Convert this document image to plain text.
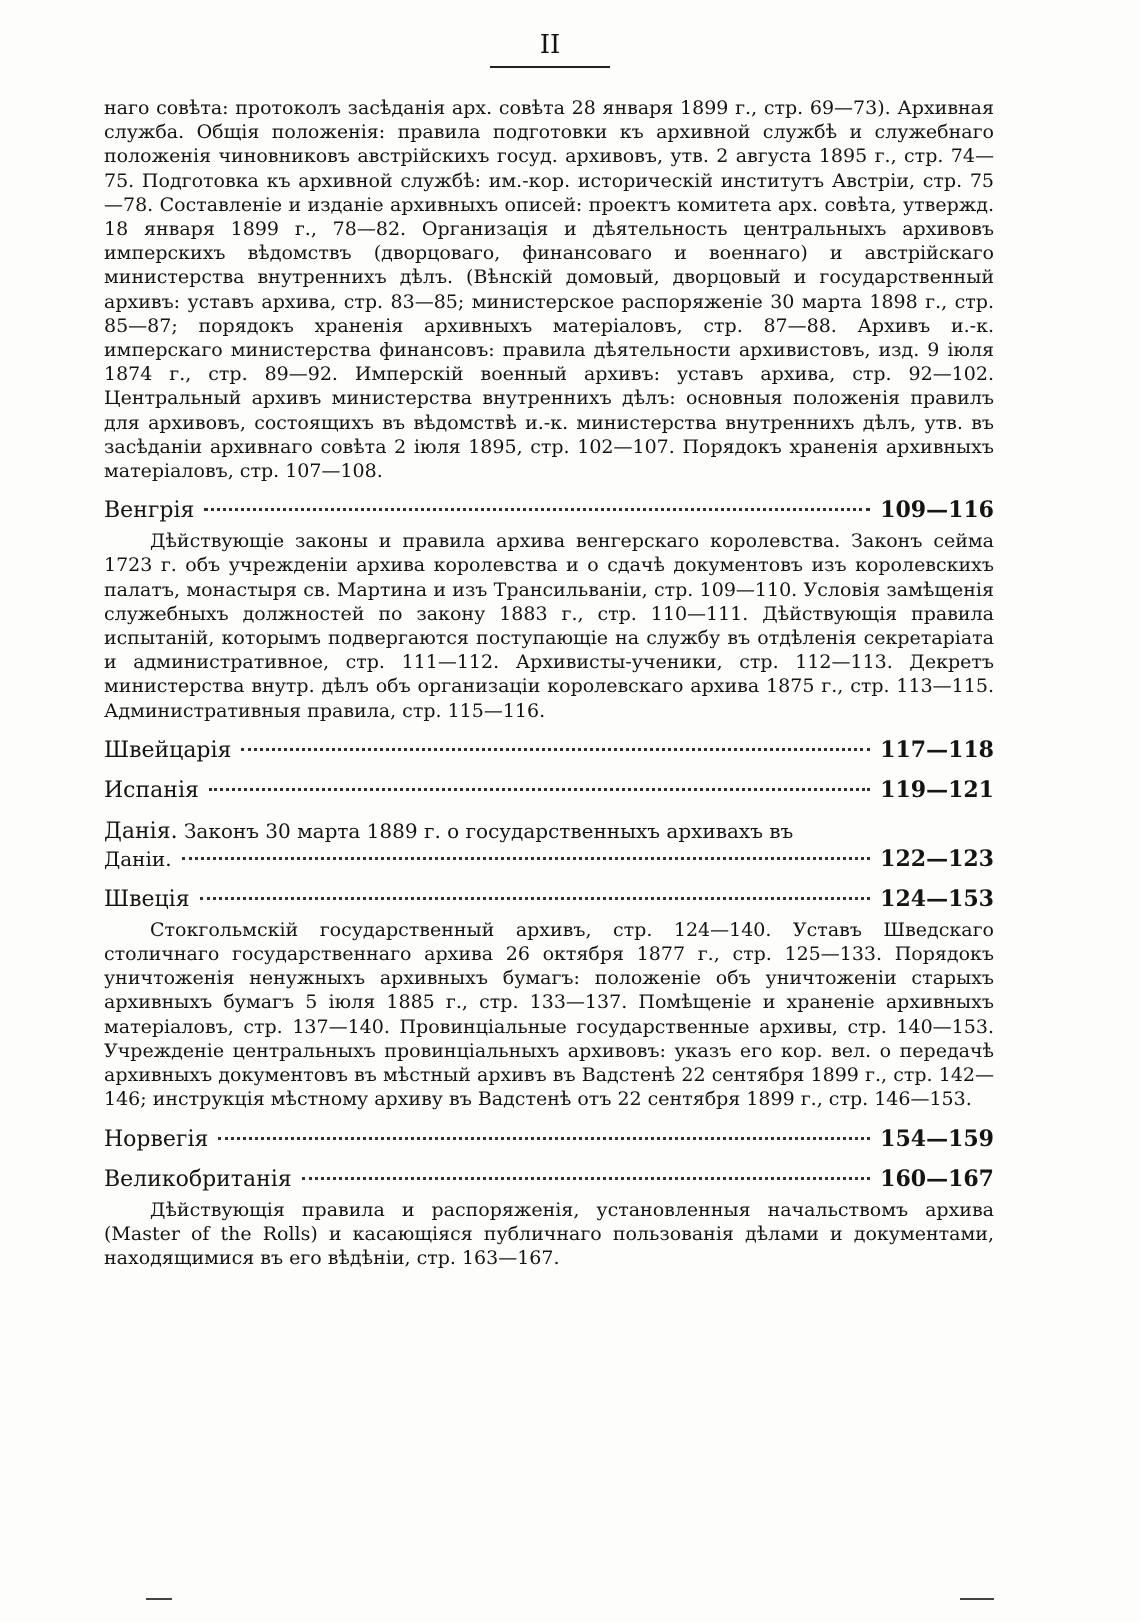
II

наго совѣта: протоколъ засѣданія арх. совѣта 28 января 1899 г., стр. 69—73). Архивная служба. Общія положенія: правила подготовки къ архивной службѣ и служебнаго положенія чиновниковъ австрійскихъ госуд. архивовъ, утв. 2 августа 1895 г., стр. 74—75. Подготовка къ архивной службѣ: им.-кор. историческій институтъ Австріи, стр. 75—78. Составленіе и изданіе архивныхъ описей: проектъ комитета арх. совѣта, утвержд. 18 января 1899 г., 78—82. Организація и дѣятельность центральныхъ архивовъ имперскихъ вѣдомствъ (дворцоваго, финансоваго и военнаго) и австрійскаго министерства внутреннихъ дѣлъ. (Вѣнскій домовый, дворцовый и государственный архивъ: уставъ архива, стр. 83—85; министерское распоряженіе 30 марта 1898 г., стр. 85—87; порядокъ храненія архивныхъ матеріаловъ, стр. 87—88. Архивъ и.-к. имперскаго министерства финансовъ: правила дѣятельности архивистовъ, изд. 9 іюля 1874 г., стр. 89—92. Имперскій военный архивъ: уставъ архива, стр. 92—102. Центральный архивъ министерства внутреннихъ дѣлъ: основныя положенія правилъ для архивовъ, состоящихъ въ вѣдомствѣ и.-к. министерства внутреннихъ дѣлъ, утв. въ засѣданіи архивнаго совѣта 2 іюля 1895, стр. 102—107. Порядокъ храненія архивныхъ матеріаловъ, стр. 107—108.

Венгрія	109—116

Дѣйствующіе законы и правила архива венгерскаго королевства. Законъ сейма 1723 г. объ учрежденіи архива королевства и о сдачѣ документовъ изъ королевскихъ палатъ, монастыря св. Мартина и изъ Трансильваніи, стр. 109—110. Условія замѣщенія служебныхъ должностей по закону 1883 г., стр. 110—111. Дѣйствующія правила испытаній, которымъ подвергаются поступающіе на службу въ отдѣленія секретаріата и административное, стр. 111—112. Архивисты-ученики, стр. 112—113. Декретъ министерства внутр. дѣлъ объ организаціи королевскаго архива 1875 г., стр. 113—115. Административныя правила, стр. 115—116.

Швейцарія	117—118
Испанія	119—121
Данія. Законъ 30 марта 1889 г. о государственныхъ архивахъ въ
Даніи.	122—123
Швеція	124—153

Стокгольмскій государственный архивъ, стр. 124—140. Уставъ Шведскаго столичнаго государственнаго архива 26 октября 1877 г., стр. 125—133. Порядокъ уничтоженія ненужныхъ архивныхъ бумагъ: положеніе объ уничтоженіи старыхъ архивныхъ бумагъ 5 іюля 1885 г., стр. 133—137. Помѣщеніе и храненіе архивныхъ матеріаловъ, стр. 137—140. Провинціальные государственные архивы, стр. 140—153. Учрежденіе центральныхъ провинціальныхъ архивовъ: указъ его кор. вел. о передачѣ архивныхъ документовъ въ мѣстный архивъ въ Вадстенѣ 22 сентября 1899 г., стр. 142—146; инструкція мѣстному архиву въ Вадстенѣ отъ 22 сентября 1899 г., стр. 146—153.

Норвегія	154—159
Великобританія	160—167

Дѣйствующія правила и распоряженія, установленныя начальствомъ архива (Master of the Rolls) и касающіяся публичнаго пользованія дѣлами и документами, находящимися въ его вѣдѣніи, стр. 163—167.
